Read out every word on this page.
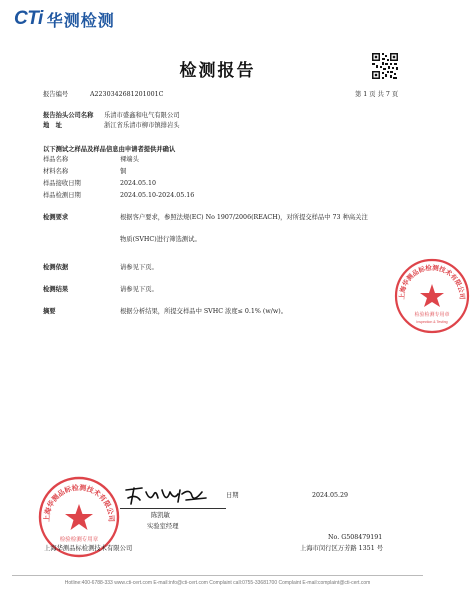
CTi 华测检测
检测报告
报告编号	A2230342681201001C	第 1 页 共 7 页
报告抬头公司名称 乐清市盛鑫和电气有限公司
地　址	浙江省乐清市柳市镇排岩头
以下测试之样品及样品信息由申请者提供并确认
样品名称	裸端头
材料名称	铜
样品接收日期	2024.05.10
样品检测日期	2024.05.10-2024.05.16
检测要求	根据客户要求，参照法规(EC) No 1907/2006(REACH)，对所提交样品中 73 种高关注
物质(SVHC)进行筛选测试。
检测依据	请参见下页。
检测结果	请参见下页。
摘要	根据分析结果，所提交样品中 SVHC 浓度≤ 0.1% (w/w)。
上海华测品标检测技术有限公司
检验检测专用章
Inspection & Testing
上海华测品标检测技术有限公司
检验检测专用章
日期	2024.05.29
陈凯敏
实验室经理
No. G508479191
上海华测品标检测技术有限公司	上海市闵行区万芳路 1351 号
Hotline:400-6788-333 www.cti-cert.com E-mail:info@cti-cert.com Complaint call:0755-33681700 Complaint E-mail:complaint@cti-cert.com
